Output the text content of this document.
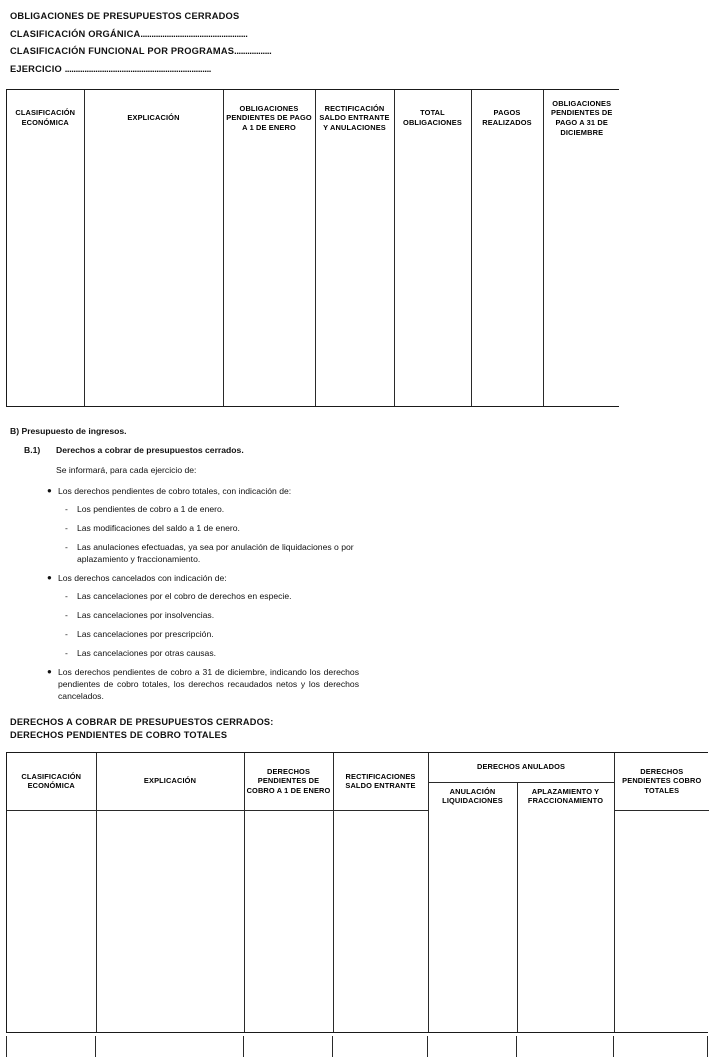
OBLIGACIONES DE PRESUPUESTOS CERRADOS
CLASIFICACIÓN ORGÁNICA.................................................
CLASIFICACIÓN FUNCIONAL POR PROGRAMAS.................
EJERCICIO ...................................................................
CLASIFICACIÓN ECONÓMICA	EXPLICACIÓN	OBLIGACIONES PENDIENTES DE PAGO A 1 DE ENERO	RECTIFICACIÓN SALDO ENTRANTE Y ANULACIONES	TOTAL OBLIGACIONES	PAGOS REALIZADOS	OBLIGACIONES PENDIENTES DE PAGO A 31 DE DICIEMBRE

B) Presupuesto de ingresos.
B.1) Derechos a cobrar de presupuestos cerrados.
Se informará, para cada ejercicio de:
● Los derechos pendientes de cobro totales, con indicación de:
- Los pendientes de cobro a 1 de enero.
- Las modificaciones del saldo a 1 de enero.
- Las anulaciones efectuadas, ya sea por anulación de liquidaciones o por aplazamiento y fraccionamiento.
● Los derechos cancelados con indicación de:
- Las cancelaciones por el cobro de derechos en especie.
- Las cancelaciones por insolvencias.
- Las cancelaciones por prescripción.
- Las cancelaciones por otras causas.
● Los derechos pendientes de cobro a 31 de diciembre, indicando los derechos pendientes de cobro totales, los derechos recaudados netos y los derechos cancelados.
DERECHOS A COBRAR DE PRESUPUESTOS CERRADOS:
DERECHOS PENDIENTES DE COBRO TOTALES
CLASIFICACIÓN ECONÓMICA	EXPLICACIÓN	DERECHOS PENDIENTES DE COBRO A 1 DE ENERO	RECTIFICACIONES SALDO ENTRANTE	DERECHOS ANULADOS		DERECHOS PENDIENTES COBRO TOTALES
				ANULACIÓN LIQUIDACIONES	APLAZAMIENTO Y FRACCIONAMIENTO	
